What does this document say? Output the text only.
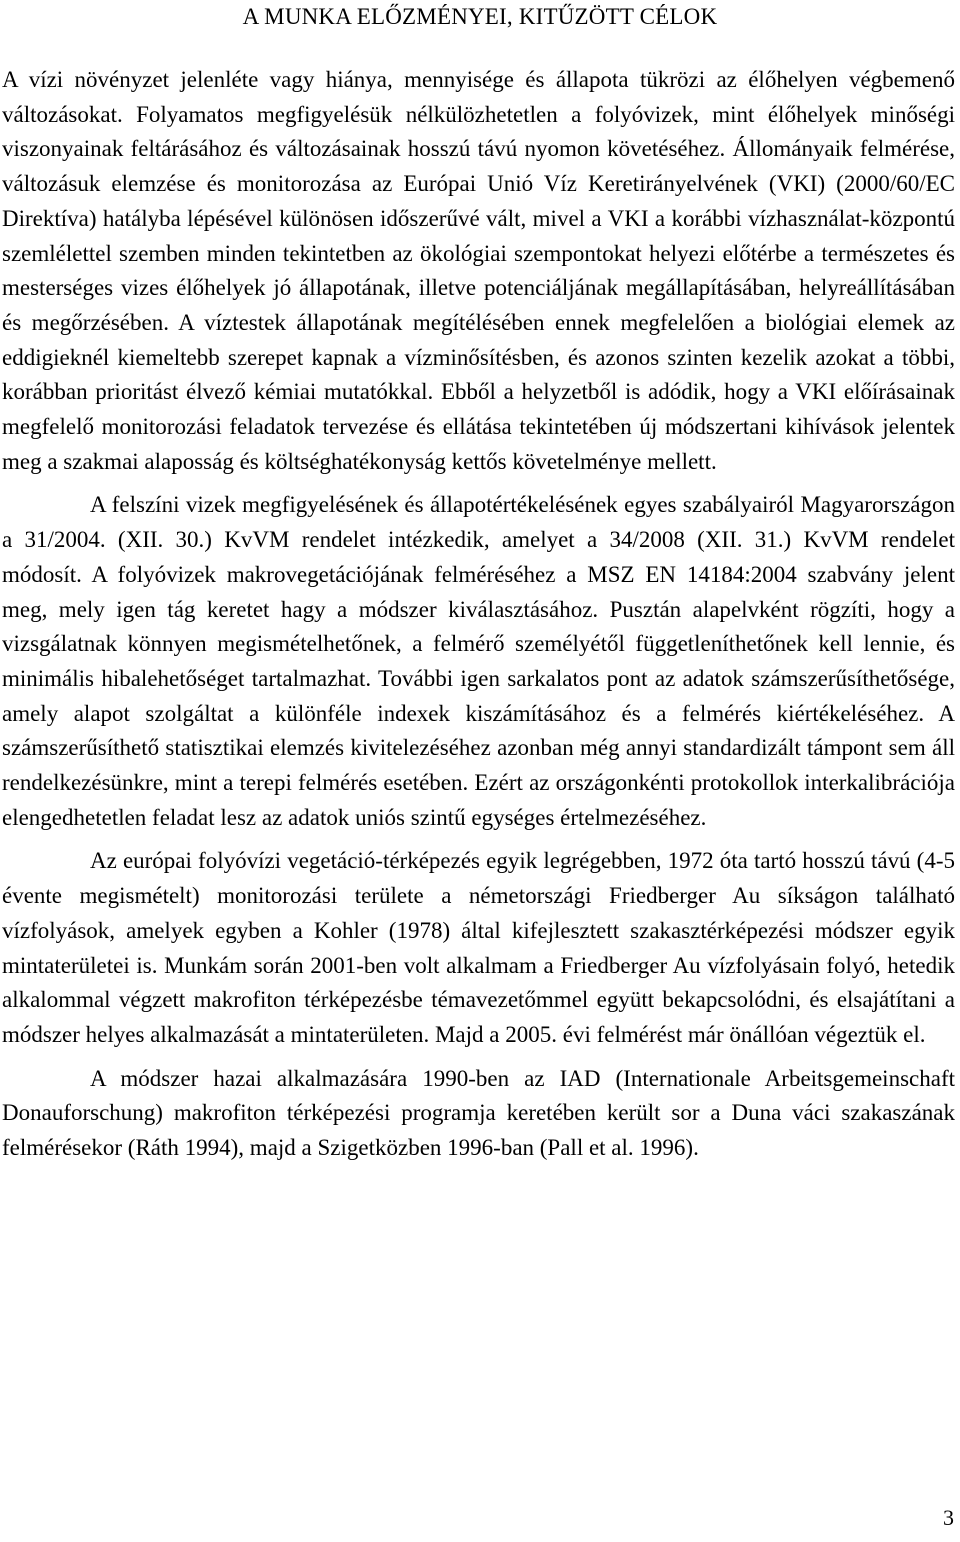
A MUNKA ELŐZMÉNYEI, KITŰZÖTT CÉLOK

A vízi növényzet jelenléte vagy hiánya, mennyisége és állapota tükrözi az élőhelyen végbemenő változásokat. Folyamatos megfigyelésük nélkülözhetetlen a folyóvizek, mint élőhelyek minőségi viszonyainak feltárásához és változásainak hosszú távú nyomon követéséhez. Állományaik felmérése, változásuk elemzése és monitorozása az Európai Unió Víz Keretirányelvének (VKI) (2000/60/EC Direktíva) hatályba lépésével különösen időszerűvé vált, mivel a VKI a korábbi vízhasználat-központú szemlélettel szemben minden tekintetben az ökológiai szempontokat helyezi előtérbe a természetes és mesterséges vizes élőhelyek jó állapotának, illetve potenciáljának megállapításában, helyreállításában és megőrzésében. A víztestek állapotának megítélésében ennek megfelelően a biológiai elemek az eddigieknél kiemeltebb szerepet kapnak a vízminősítésben, és azonos szinten kezelik azokat a többi, korábban prioritást élvező kémiai mutatókkal. Ebből a helyzetből is adódik, hogy a VKI előírásainak megfelelő monitorozási feladatok tervezése és ellátása tekintetében új módszertani kihívások jelentek meg a szakmai alaposság és költséghatékonyság kettős követelménye mellett.

A felszíni vizek megfigyelésének és állapotértékelésének egyes szabályairól Magyarországon a 31/2004. (XII. 30.) KvVM rendelet intézkedik, amelyet a 34/2008 (XII. 31.) KvVM rendelet módosít. A folyóvizek makrovegetációjának felméréséhez a MSZ EN 14184:2004 szabvány jelent meg, mely igen tág keretet hagy a módszer kiválasztásához. Pusztán alapelvként rögzíti, hogy a vizsgálatnak könnyen megismételhetőnek, a felmérő személyétől függetleníthetőnek kell lennie, és minimális hibalehetőséget tartalmazhat. További igen sarkalatos pont az adatok számszerűsíthetősége, amely alapot szolgáltat a különféle indexek kiszámításához és a felmérés kiértékeléséhez. A számszerűsíthető statisztikai elemzés kivitelezéséhez azonban még annyi standardizált támpont sem áll rendelkezésünkre, mint a terepi felmérés esetében. Ezért az országonkénti protokollok interkalibrációja elengedhetetlen feladat lesz az adatok uniós szintű egységes értelmezéséhez.

Az európai folyóvízi vegetáció-térképezés egyik legrégebben, 1972 óta tartó hosszú távú (4-5 évente megismételt) monitorozási területe a németországi Friedberger Au síkságon található vízfolyások, amelyek egyben a Kohler (1978) által kifejlesztett szakasztérképezési módszer egyik mintaterületei is. Munkám során 2001-ben volt alkalmam a Friedberger Au vízfolyásain folyó, hetedik alkalommal végzett makrofiton térképezésbe témavezetőmmel együtt bekapcsolódni, és elsajátítani a módszer helyes alkalmazását a mintaterületen. Majd a 2005. évi felmérést már önállóan végeztük el.

A módszer hazai alkalmazására 1990-ben az IAD (Internationale Arbeitsgemeinschaft Donauforschung) makrofiton térképezési programja keretében került sor a Duna váci szakaszának felmérésekor (Ráth 1994), majd a Szigetközben 1996-ban (Pall et al. 1996).

3
